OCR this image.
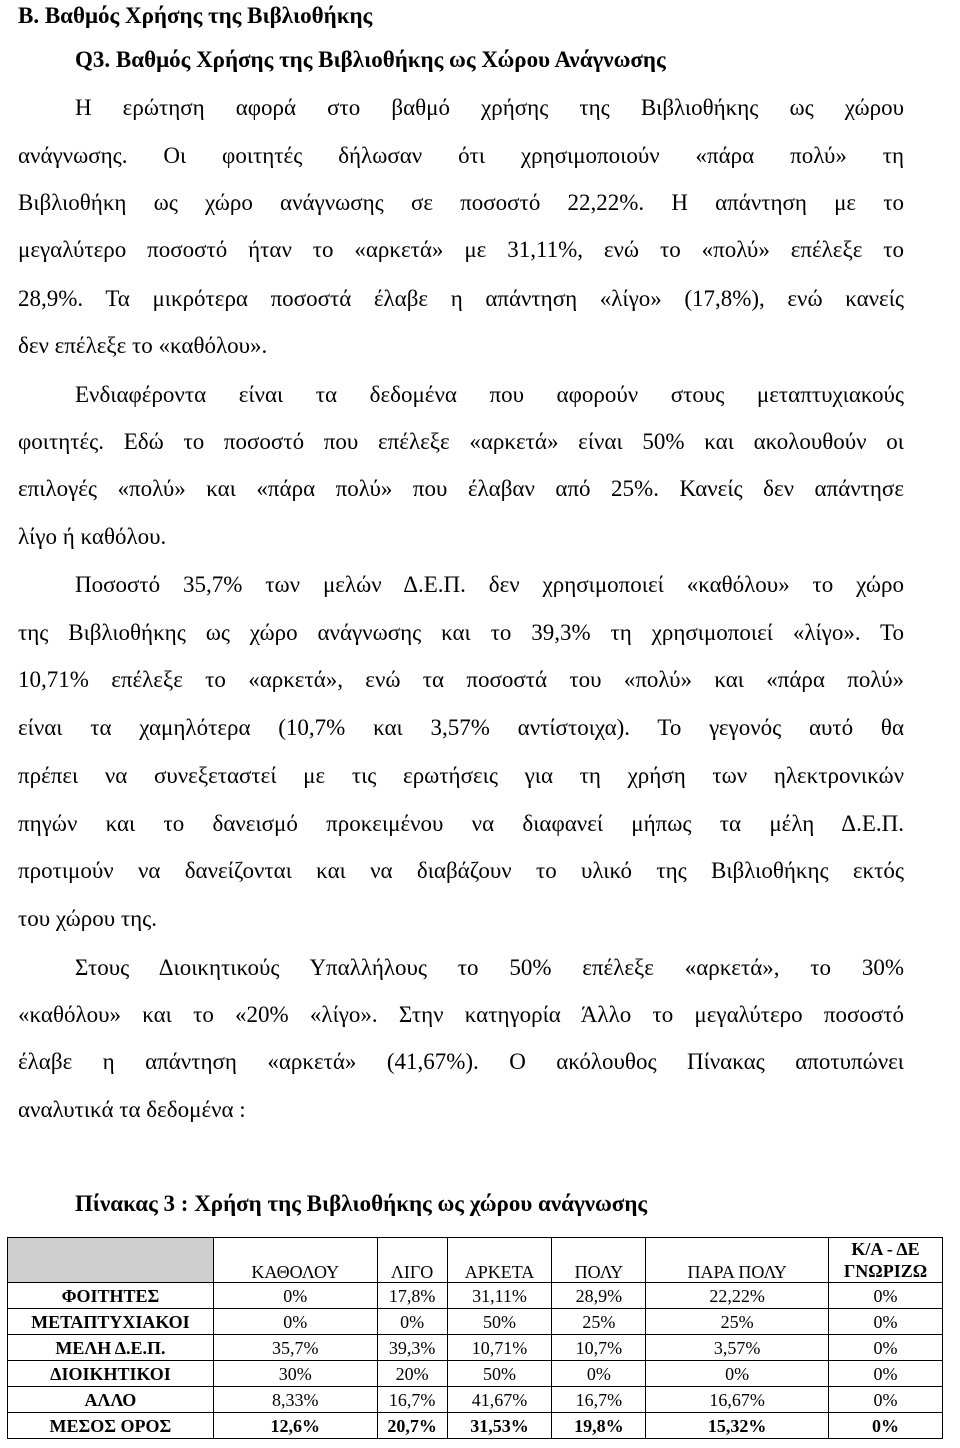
Β. Βαθμός Χρήσης της Βιβλιοθήκης
Q3. Βαθμός Χρήσης της Βιβλιοθήκης ως Χώρου Ανάγνωσης
Η ερώτηση αφορά στο βαθμό χρήσης της Βιβλιοθήκης ως χώρου
ανάγνωσης. Οι φοιτητές δήλωσαν ότι χρησιμοποιούν «πάρα πολύ» τη
Βιβλιοθήκη ως χώρο ανάγνωσης σε ποσοστό 22,22%. Η απάντηση με το
μεγαλύτερο ποσοστό ήταν το «αρκετά» με 31,11%, ενώ το «πολύ» επέλεξε το
28,9%. Τα μικρότερα ποσοστά έλαβε η απάντηση «λίγο» (17,8%), ενώ κανείς
δεν επέλεξε το «καθόλου».
Ενδιαφέροντα είναι τα δεδομένα που αφορούν στους μεταπτυχιακούς
φοιτητές. Εδώ το ποσοστό που επέλεξε «αρκετά» είναι 50% και ακολουθούν οι
επιλογές «πολύ» και «πάρα πολύ» που έλαβαν από 25%. Κανείς δεν απάντησε
λίγο ή καθόλου.
Ποσοστό 35,7% των μελών Δ.Ε.Π. δεν χρησιμοποιεί «καθόλου» το χώρο
της Βιβλιοθήκης ως χώρο ανάγνωσης και το 39,3% τη χρησιμοποιεί «λίγο». Το
10,71% επέλεξε το «αρκετά», ενώ τα ποσοστά του «πολύ» και «πάρα πολύ»
είναι τα χαμηλότερα (10,7% και 3,57% αντίστοιχα). Το γεγονός αυτό θα
πρέπει να συνεξεταστεί με τις ερωτήσεις για τη χρήση των ηλεκτρονικών
πηγών και το δανεισμό προκειμένου να διαφανεί μήπως τα μέλη Δ.Ε.Π.
προτιμούν να δανείζονται και να διαβάζουν το υλικό της Βιβλιοθήκης εκτός
του χώρου της.
Στους Διοικητικούς Υπαλλήλους το 50% επέλεξε «αρκετά», το 30%
«καθόλου» και το «20% «λίγο». Στην κατηγορία Άλλο το μεγαλύτερο ποσοστό
έλαβε η απάντηση «αρκετά» (41,67%). Ο ακόλουθος Πίνακας αποτυπώνει
αναλυτικά τα δεδομένα :

Πίνακας 3 : Χρήση της Βιβλιοθήκης ως χώρου ανάγνωσης

	ΚΑΘΟΛΟΥ	ΛΙΓΟ	ΑΡΚΕΤΑ	ΠΟΛΥ	ΠΑΡΑ ΠΟΛΥ	Κ/Α - ΔΕ ΓΝΩΡΙΖΩ
ΦΟΙΤΗΤΕΣ	0%	17,8%	31,11%	28,9%	22,22%	0%
ΜΕΤΑΠΤΥΧΙΑΚΟΙ	0%	0%	50%	25%	25%	0%
ΜΕΛΗ Δ.Ε.Π.	35,7%	39,3%	10,71%	10,7%	3,57%	0%
ΔΙΟΙΚΗΤΙΚΟΙ	30%	20%	50%	0%	0%	0%
ΑΛΛΟ	8,33%	16,7%	41,67%	16,7%	16,67%	0%
ΜΕΣΟΣ ΟΡΟΣ	12,6%	20,7%	31,53%	19,8%	15,32%	0%
